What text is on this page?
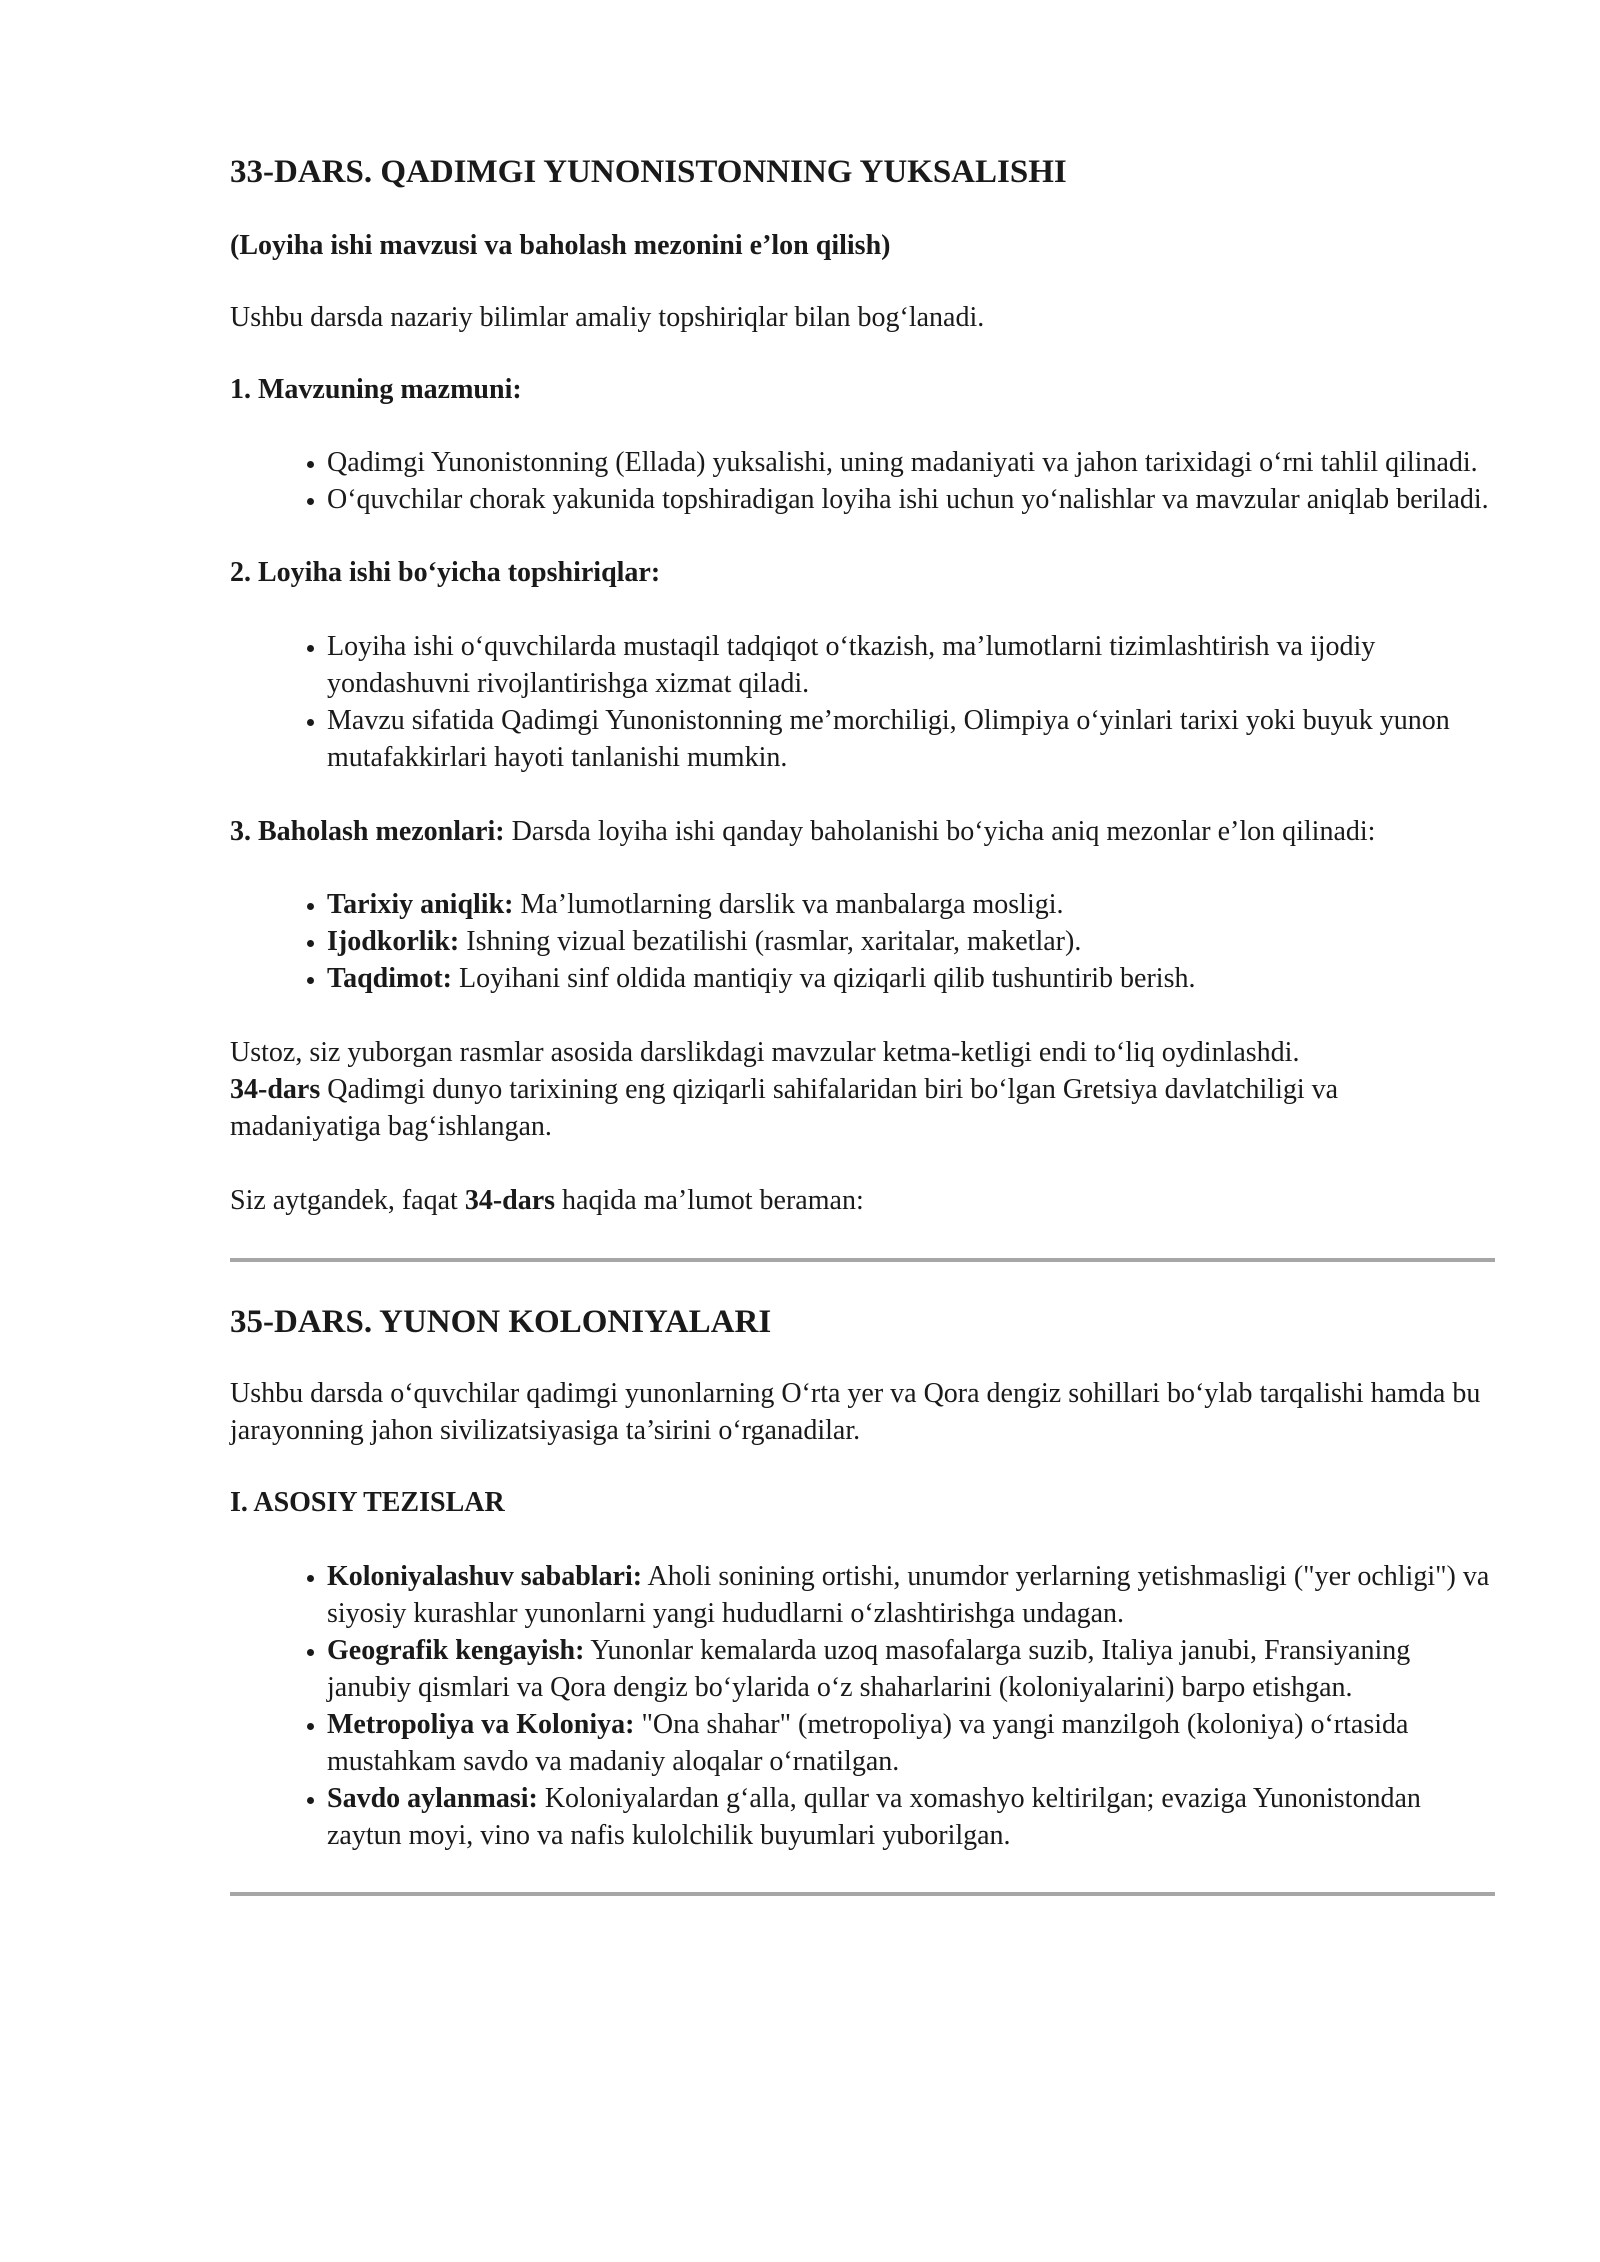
33-DARS. QADIMGI YUNONISTONNING YUKSALISHI
(Loyiha ishi mavzusi va baholash mezonini e’lon qilish)

Ushbu darsda nazariy bilimlar amaliy topshiriqlar bilan bog‘lanadi.

1. Mavzuning mazmuni:
• Qadimgi Yunonistonning (Ellada) yuksalishi, uning madaniyati va jahon tarixidagi o‘rni tahlil qilinadi.
• O‘quvchilar chorak yakunida topshiradigan loyiha ishi uchun yo‘nalishlar va mavzular aniqlab beriladi.
2. Loyiha ishi bo‘yicha topshiriqlar:
• Loyiha ishi o‘quvchilarda mustaqil tadqiqot o‘tkazish, ma’lumotlarni tizimlashtirish va ijodiy yondashuvni rivojlantirishga xizmat qiladi.
• Mavzu sifatida Qadimgi Yunonistonning me’morchiligi, Olimpiya o‘yinlari tarixi yoki buyuk yunon mutafakkirlari hayoti tanlanishi mumkin.

3. Baholash mezonlari: Darsda loyiha ishi qanday baholanishi bo‘yicha aniq mezonlar e’lon qilinadi:

• Tarixiy aniqlik: Ma’lumotlarning darslik va manbalarga mosligi.
• Ijodkorlik: Ishning vizual bezatilishi (rasmlar, xaritalar, maketlar).
• Taqdimot: Loyihani sinf oldida mantiqiy va qiziqarli qilib tushuntirib berish.

Ustoz, siz yuborgan rasmlar asosida darslikdagi mavzular ketma-ketligi endi to‘liq oydinlashdi.
34-dars Qadimgi dunyo tarixining eng qiziqarli sahifalaridan biri bo‘lgan Gretsiya davlatchiligi va madaniyatiga bag‘ishlangan.

Siz aytgandek, faqat 34-dars haqida ma’lumot beraman:

35-DARS. YUNON KOLONIYALARI

Ushbu darsda o‘quvchilar qadimgi yunonlarning O‘rta yer va Qora dengiz sohillari bo‘ylab tarqalishi hamda bu jarayonning jahon sivilizatsiyasiga ta’sirini o‘rganadilar.

I. ASOSIY TEZISLAR
• Koloniyalashuv sabablari: Aholi sonining ortishi, unumdor yerlarning yetishmasligi ("yer ochligi") va siyosiy kurashlar yunonlarni yangi hududlarni o‘zlashtirishga undagan.
• Geografik kengayish: Yunonlar kemalarda uzoq masofalarga suzib, Italiya janubi, Fransiyaning janubiy qismlari va Qora dengiz bo‘ylarida o‘z shaharlarini (koloniyalarini) barpo etishgan.
• Metropoliya va Koloniya: "Ona shahar" (metropoliya) va yangi manzilgoh (koloniya) o‘rtasida mustahkam savdo va madaniy aloqalar o‘rnatilgan.
• Savdo aylanmasi: Koloniyalardan g‘alla, qullar va xomashyo keltirilgan; evaziga Yunonistondan zaytun moyi, vino va nafis kulolchilik buyumlari yuborilgan.
